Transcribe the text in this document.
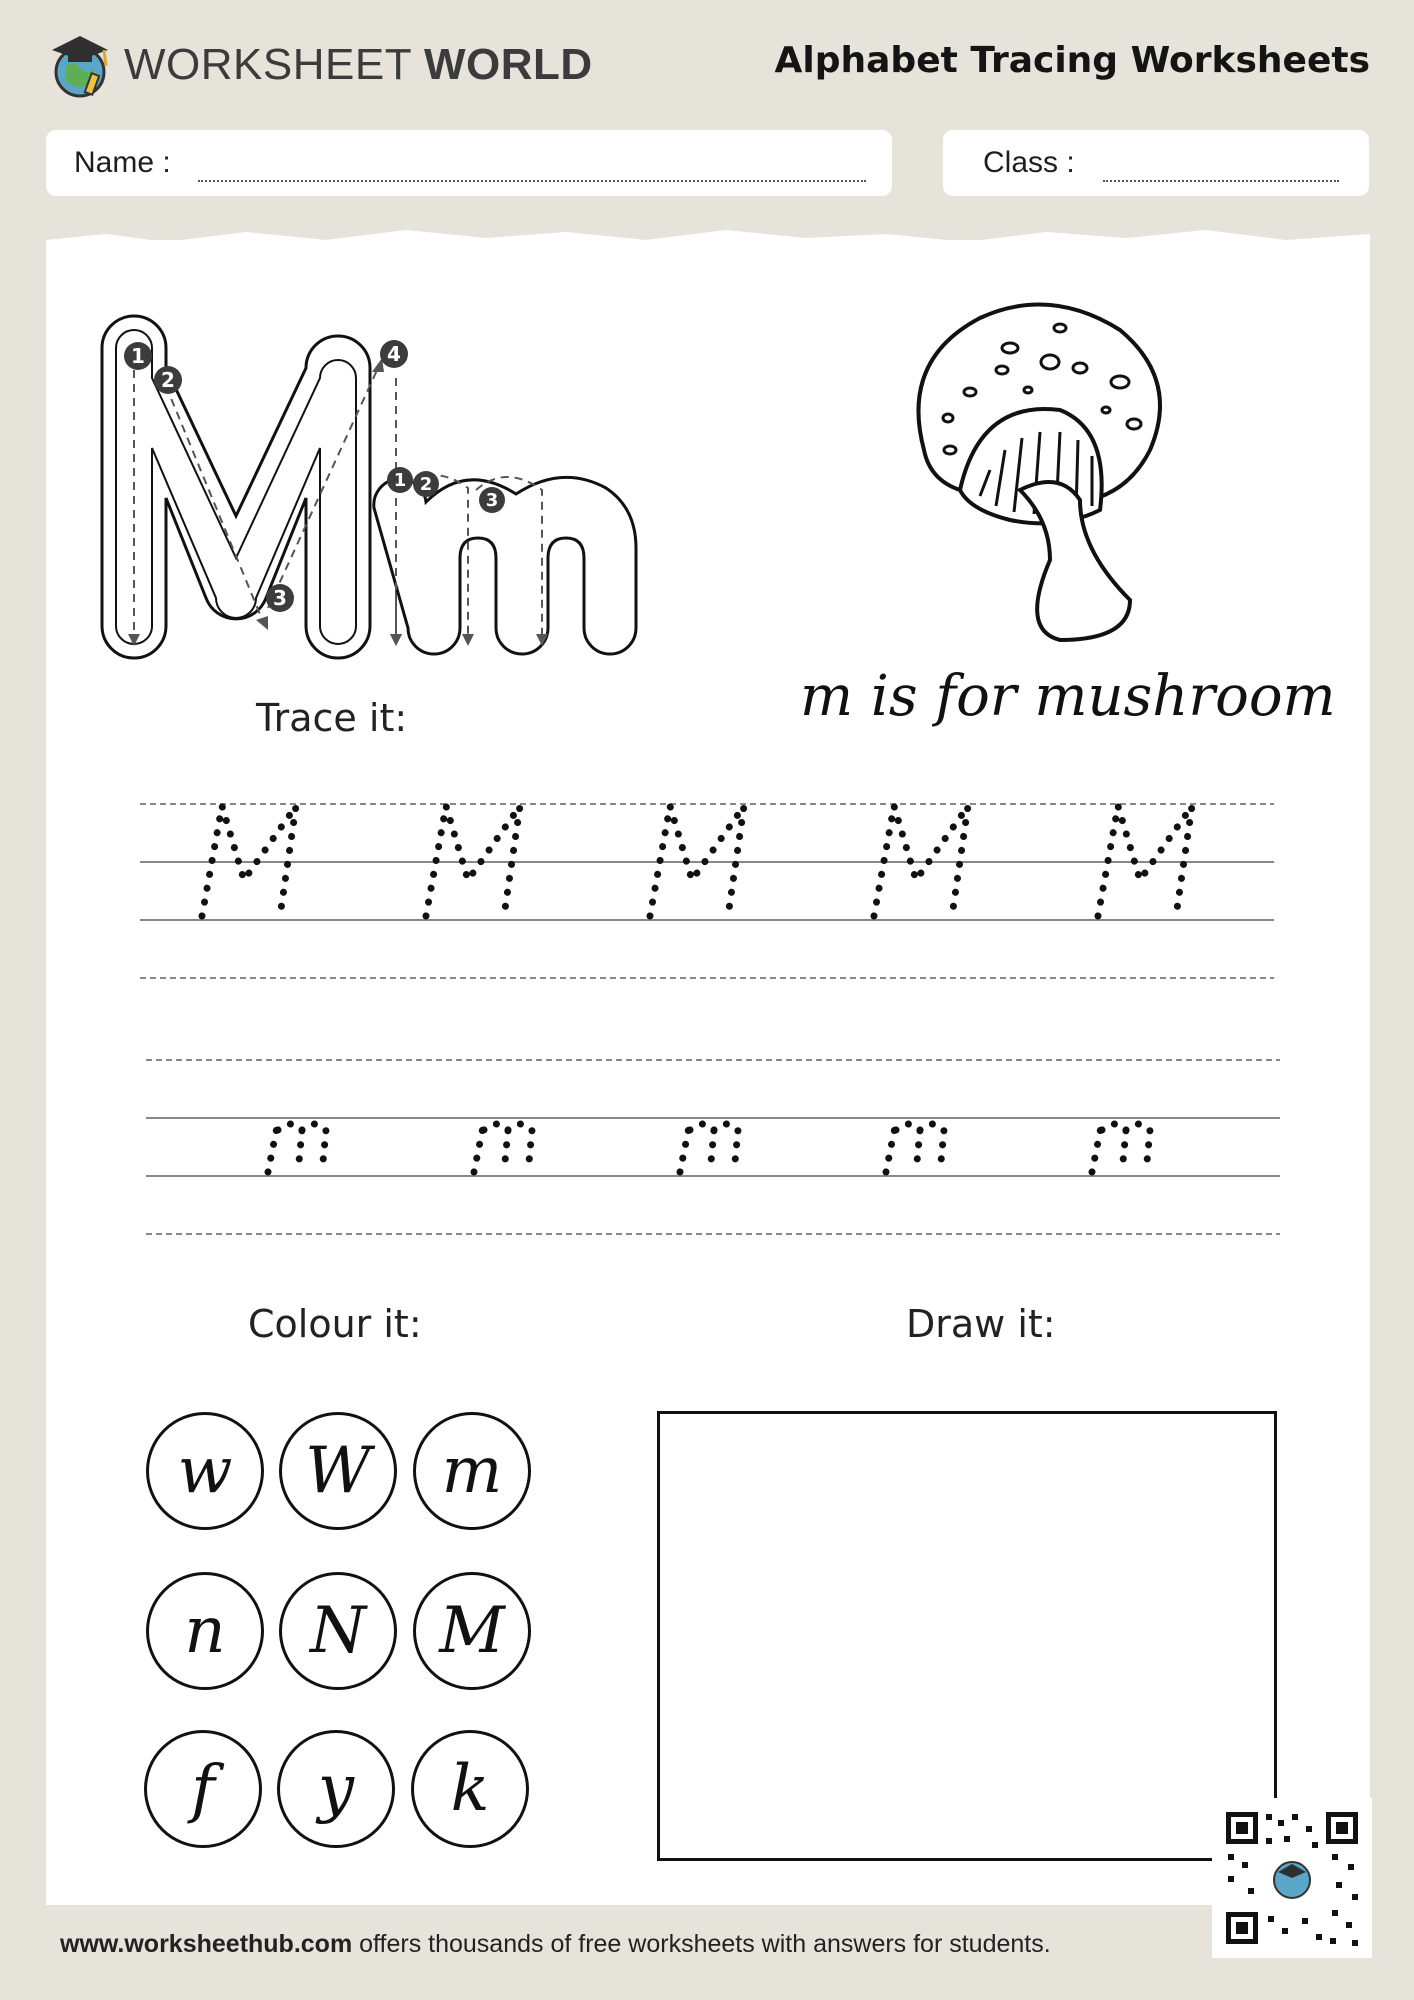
WORKSHEET WORLD	Alphabet Tracing Worksheets
Name :	Class :
1
2
3
4
1 2
3
m is for mushroom
Trace it:
Colour it:
w	W	m
n	N	M
f	y	k
Draw it:
www.worksheethub.com offers thousands of free worksheets with answers for students.
